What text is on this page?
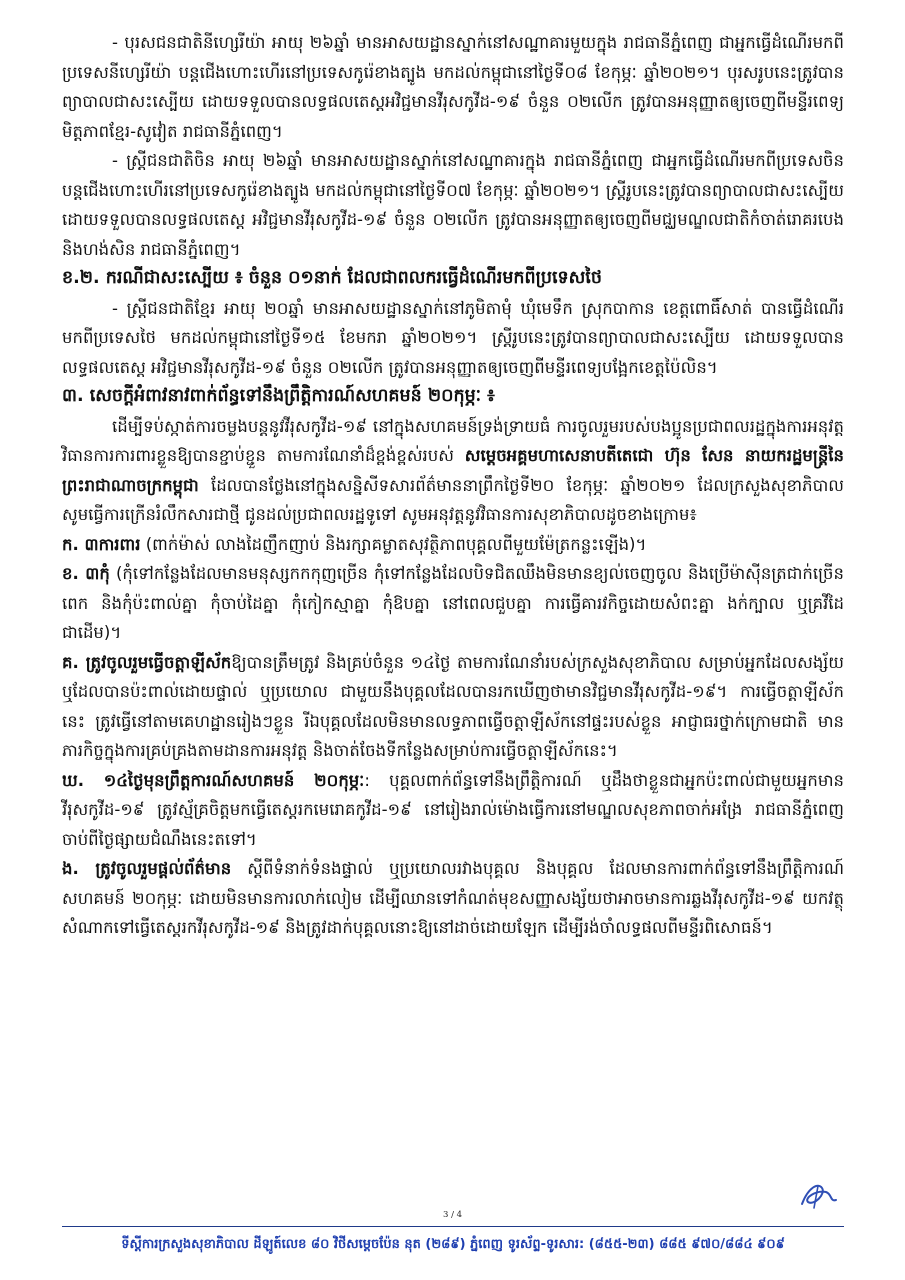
- បុរសជនជាតិនីហ្សេរីយ៉ា អាយុ ២៦ឆ្នាំ មានអាសយដ្ឋានស្នាក់នៅសណ្ឋាគារមួយក្នុង រាជធានីភ្នំពេញ ជាអ្នកធ្វើដំណើរមកពីប្រទេសនីហ្សេរីយ៉ា បន្តជើងហោះហើរនៅប្រទេសកូរ៉េខាងត្បូង មកដល់កម្ពុជានៅថ្ងៃទី០៨ ខែកុម្ភៈ ឆ្នាំ២០២១។ បុរសរូបនេះត្រូវបានព្យាបាលជាសះស្បើយ ដោយទទួលបានលទ្ធផលតេស្តអវិជ្ជមានវីរុសកូវីដ-១៩ ចំនួន ០២លើក ត្រូវបានអនុញ្ញាតឲ្យចេញពីមន្ទីរពេទ្យមិត្តភាពខ្មែរ-សូវៀត រាជធានីភ្នំពេញ។

- ស្ត្រីជនជាតិចិន អាយុ ២៦ឆ្នាំ មានអាសយដ្ឋានស្នាក់នៅសណ្ឋាគារក្នុង រាជធានីភ្នំពេញ ជាអ្នកធ្វើដំណើរមកពីប្រទេសចិន បន្តជើងហោះហើរនៅប្រទេសកូរ៉េខាងត្បូង មកដល់កម្ពុជានៅថ្ងៃទី០៧ ខែកុម្ភៈ ឆ្នាំ២០២១។ ស្ត្រីរូបនេះត្រូវបានព្យាបាលជាសះស្បើយ ដោយទទួលបានលទ្ធផលតេស្ត អវិជ្ជមានវីរុសកូវីដ-១៩ ចំនួន ០២លើក ត្រូវបានអនុញ្ញាតឲ្យចេញពីមជ្ឈមណ្ឌលជាតិកំចាត់រោគរបេង និងហង់សិន រាជធានីភ្នំពេញ។

ខ.២. ករណីជាសះស្បើយ ៖ ចំនួន ០១នាក់ ដែលជាពលករធ្វើដំណើរមកពីប្រទេសថៃ

- ស្ត្រីជនជាតិខ្មែរ អាយុ ២០ឆ្នាំ មានអាសយដ្ឋានស្នាក់នៅភូមិតាមុំ ឃុំមេទឹក ស្រុកបាកាន ខេត្តពោធិ៍សាត់ បានធ្វើដំណើរមកពីប្រទេសថៃ មកដល់កម្ពុជានៅថ្ងៃទី១៥ ខែមករា ឆ្នាំ២០២១។ ស្ត្រីរូបនេះត្រូវបានព្យាបាលជាសះស្បើយ ដោយទទួលបានលទ្ធផលតេស្ត អវិជ្ជមានវីរុសកូវីដ-១៩ ចំនួន ០២លើក ត្រូវបានអនុញ្ញាតឲ្យចេញពីមន្ទីរពេទ្យបង្អែកខេត្តប៉ៃលិន។

៣. សេចក្តីអំពាវនាវពាក់ព័ន្ធទៅនឹងព្រឹត្តិការណ៍សហគមន៍ ២០កុម្ភៈ ៖

ដើម្បីទប់ស្កាត់ការចម្លងបន្តនូវវីរុសកូវីដ-១៩ នៅក្នុងសហគមន៍ទ្រង់ទ្រាយធំ ការចូលរួមរបស់បងប្អូនប្រជាពលរដ្ឋក្នុងការអនុវត្តវិធានការការពារខ្លួនឱ្យបានខ្ជាប់ខ្ជួន តាមការណែនាំដ៏ខ្ពង់ខ្ពស់របស់ សម្តេចអគ្គមហាសេនាបតីតេជោ ហ៊ុន សែន នាយករដ្ឋមន្ត្រីនៃព្រះរាជាណាចក្រកម្ពុជា ដែលបានថ្លែងនៅក្នុងសន្និសីទសារព័ត៌មាននាព្រឹកថ្ងៃទី២០ ខែកុម្ភៈ ឆ្នាំ២០២១ ដែលក្រសួងសុខាភិបាល សូមធ្វើការក្រើនរំលឹកសារជាថ្មី ជូនដល់ប្រជាពលរដ្ឋទូទៅ សូមអនុវត្តនូវវិធានការសុខាភិបាលដូចខាងក្រោម៖

ក. ៣ការពារ (ពាក់ម៉ាស់ លាងដៃញឹកញាប់ និងរក្សាគម្លាតសុវត្ថិភាពបុគ្គលពីមួយម៉ែត្រកន្លះឡើង)។

ខ. ៣កុំ (កុំទៅកន្លែងដែលមានមនុស្សកកកុញច្រើន កុំទៅកន្លែងដែលបិទជិតឈឹងមិនមានខ្យល់ចេញចូល និងប្រើម៉ាស៊ីនត្រជាក់ច្រើនពេក និងកុំប៉ះពាល់គ្នា កុំចាប់ដៃគ្នា កុំកៀកស្មាគ្នា កុំឱបគ្នា នៅពេលជួបគ្នា ការធ្វើគារវកិច្ចដោយសំពះគ្នា ងក់ក្បាល ឬគ្រវីដៃ ជាដើម)។

គ. ត្រូវចូលរួមធ្វើចត្តាឡីស័កឱ្យបានត្រឹមត្រូវ និងគ្រប់ចំនួន ១៤ថ្ងៃ តាមការណែនាំរបស់ក្រសួងសុខាភិបាល សម្រាប់អ្នកដែលសង្ស័យ ឬដែលបានប៉ះពាល់ដោយផ្ទាល់ ឬប្រយោល ជាមួយនឹងបុគ្គលដែលបានរកឃើញថាមានវិជ្ជមានវីរុសកូវីដ-១៩។ ការធ្វើចត្តាឡីស័កនេះ ត្រូវធ្វើនៅតាមគេហដ្ឋានរៀងៗខ្លួន រីឯបុគ្គលដែលមិនមានលទ្ធភាពធ្វើចត្តាឡីស័កនៅផ្ទះរបស់ខ្លួន អាជ្ញាធរថ្នាក់ក្រោមជាតិ មានភារកិច្ចក្នុងការគ្រប់គ្រងតាមដានការអនុវត្ត និងចាត់ចែងទីកន្លែងសម្រាប់ការធ្វើចត្តាឡីស័កនេះ។

ឃ. ១៤ថ្ងៃមុនព្រឹត្តការណ៍សហគមន៍ ២០កុម្ភៈ: បុគ្គលពាក់ព័ន្ធទៅនឹងព្រឹត្តិការណ៍ ឬដឹងថាខ្លួនជាអ្នកប៉ះពាល់ជាមួយអ្នកមានវីរុសកូវីដ-១៩ ត្រូវស្ម័គ្រចិត្តមកធ្វើតេស្តរកមេរោគកូវីដ-១៩ នៅរៀងរាល់ម៉ោងធ្វើការនៅមណ្ឌលសុខភាពចាក់អង្រែ រាជធានីភ្នំពេញចាប់ពីថ្ងៃផ្សាយជំណឹងនេះតទៅ។

ង. ត្រូវចូលរួមផ្តល់ព័ត៌មាន ស្តីពីទំនាក់ទំនងផ្ទាល់ ឬប្រយោលរវាងបុគ្គល និងបុគ្គល ដែលមានការពាក់ព័ន្ធទៅនឹងព្រឹត្តិការណ៍សហគមន៍ ២០កុម្ភៈ ដោយមិនមានការលាក់លៀម ដើម្បីឈានទៅកំណត់មុខសញ្ញាសង្ស័យថាអាចមានការឆ្លងវីរុសកូវីដ-១៩ យកវត្ថុសំណាកទៅធ្វើតេស្តរកវីរុសកូវីដ-១៩ និងត្រូវដាក់បុគ្គលនោះឱ្យនៅដាច់ដោយឡែក ដើម្បីរង់ចាំលទ្ធផលពីមន្ទីរពិសោធន៍។

3 / 4
ទីស្តីការក្រសួងសុខាភិបាល ដីឡូត៍លេខ ៨០ វិថីសម្តេចប៉ែន នុត (២៨៩) ភ្នំពេញ ទូរស័ព្ទ-ទូរសារ: (៨៥៥-២៣) ៨៨៥ ៩៧០/៨៨៤ ៩០៩
